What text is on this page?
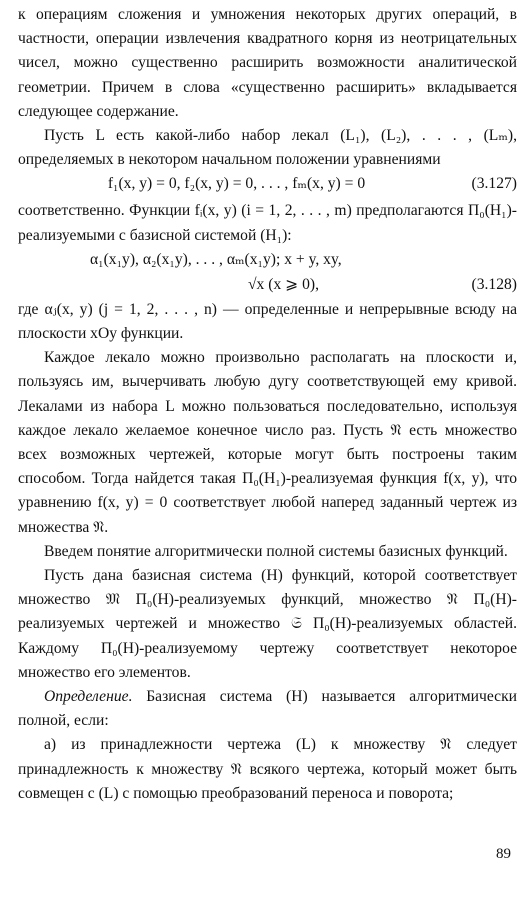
к операциям сложения и умножения некоторых других операций, в частности, операции извлечения квадратного корня из неотрицательных чисел, можно существенно расширить возможности аналитической геометрии. Причем в слова «существенно расширить» вкладывается следующее содержание.

Пусть L есть какой-либо набор лекал (L₁), (L₂), . . . , (Lₘ), определяемых в некотором начальном положении уравнениями

f₁(x, y) = 0, f₂(x, y) = 0, . . . , fₘ(x, y) = 0	(3.127)

соответственно. Функции fᵢ(x, y) (i = 1, 2, . . . , m) предполагаются Π₀(H₁)-реализуемыми с базисной системой (H₁):

α₁(x₁y), α₂(x₁y), . . . , αₘ(x₁y); x + y, xy,
√x (x ⩾ 0),	(3.128)

где αⱼ(x, y) (j = 1, 2, . . . , n) — определенные и непрерывные всюду на плоскости xOy функции.

Каждое лекало можно произвольно располагать на плоскости и, пользуясь им, вычерчивать любую дугу соответствующей ему кривой. Лекалами из набора L можно пользоваться последовательно, используя каждое лекало желаемое конечное число раз. Пусть 𝔑 есть множество всех возможных чертежей, которые могут быть построены таким способом. Тогда найдется такая Π₀(H₁)-реализуемая функция f(x, y), что уравнению f(x, y) = 0 соответствует любой наперед заданный чертеж из множества 𝔑.

Введем понятие алгоритмически полной системы базисных функций.

Пусть дана базисная система (H) функций, которой соответствует множество 𝔐 Π₀(H)-реализуемых функций, множество 𝔑 Π₀(H)-реализуемых чертежей и множество 𝔖 Π₀(H)-реализуемых областей. Каждому Π₀(H)-реализуемому чертежу соответствует некоторое множество его элементов.

Определение. Базисная система (H) называется алгоритмически полной, если:

а) из принадлежности чертежа (L) к множеству 𝔑 следует принадлежность к множеству 𝔑 всякого чертежа, который может быть совмещен с (L) с помощью преобразований переноса и поворота;

89
